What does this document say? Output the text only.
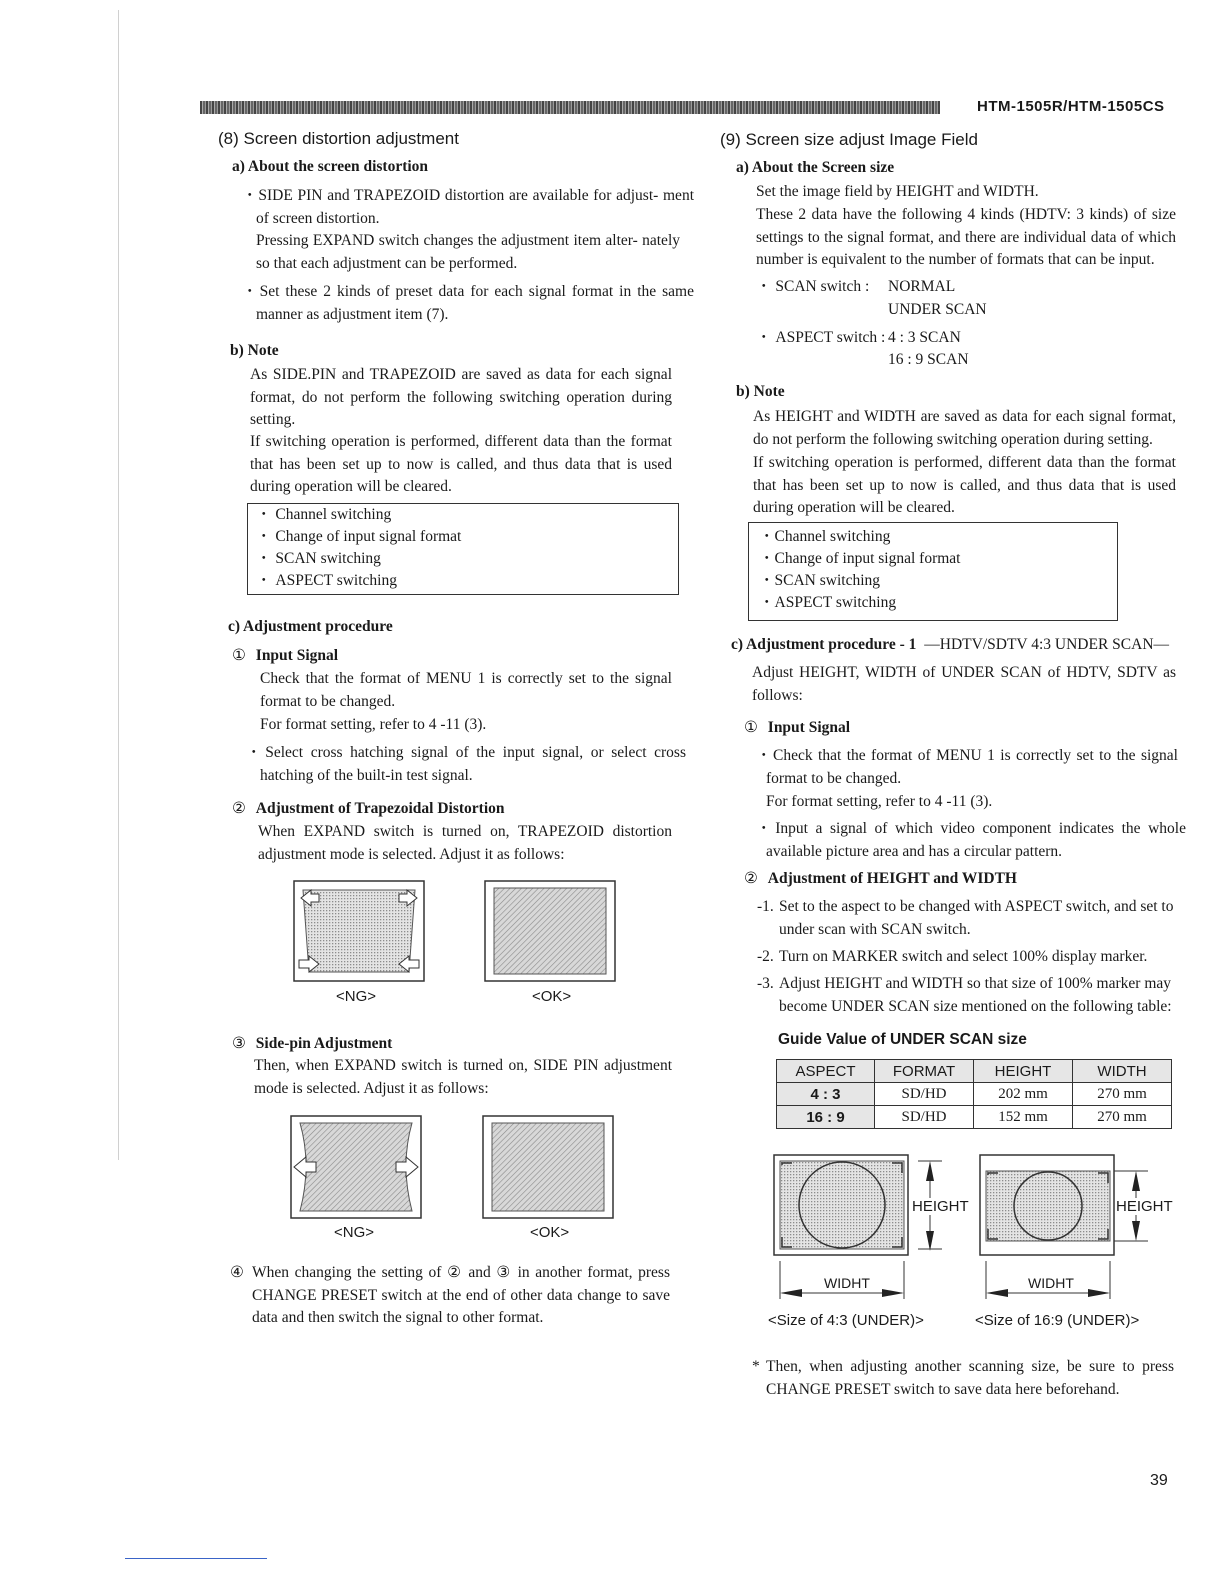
HTM-1505R/HTM-1505CS
(8) Screen distortion adjustment
a) About the screen distortion
・SIDE PIN and TRAPEZOID distortion are available for adjust- ment of screen distortion.
Pressing EXPAND switch changes the adjustment item alter- nately so that each adjustment can be performed.
・Set these 2 kinds of preset data for each signal format in the same manner as adjustment item (7).
b) Note
As SIDE.PIN and TRAPEZOID are saved as data for each signal format, do not perform the following switching operation during setting.
If switching operation is performed, different data than the format that has been set up to now is called, and thus data that is used during operation will be cleared.
・ Channel switching
・ Change of input signal format
・ SCAN switching
・ ASPECT switching
c) Adjustment procedure
① Input Signal
Check that the format of MENU 1 is correctly set to the signal format to be changed.
For format setting, refer to 4 -11 (3).
・Select cross hatching signal of the input signal, or select cross hatching of the built-in test signal.
② Adjustment of Trapezoidal Distortion
When EXPAND switch is turned on, TRAPEZOID distortion adjustment mode is selected. Adjust it as follows:
<NG>	<OK>
③ Side-pin Adjustment
Then, when EXPAND switch is turned on, SIDE PIN adjustment mode is selected. Adjust it as follows:
<NG>	<OK>
④ When changing the setting of ② and ③ in another format, press CHANGE PRESET switch at the end of other data change to save data and then switch the signal to other format.
(9) Screen size adjust Image Field
a) About the Screen size
Set the image field by HEIGHT and WIDTH.
These 2 data have the following 4 kinds (HDTV: 3 kinds) of size settings to the signal format, and there are individual data of which number is equivalent to the number of formats that can be input.
・ SCAN switch : NORMAL
UNDER SCAN
・ ASPECT switch : 4 : 3 SCAN
16 : 9 SCAN
b) Note
As HEIGHT and WIDTH are saved as data for each signal format, do not perform the following switching operation during setting.
If switching operation is performed, different data than the format that has been set up to now is called, and thus data that is used during operation will be cleared.
・Channel switching
・Change of input signal format
・SCAN switching
・ASPECT switching
c) Adjustment procedure - 1 ―HDTV/SDTV 4:3 UNDER SCAN―
Adjust HEIGHT, WIDTH of UNDER SCAN of HDTV, SDTV as follows:
① Input Signal
・Check that the format of MENU 1 is correctly set to the signal format to be changed.
For format setting, refer to 4 -11 (3).
・Input a signal of which video component indicates the whole available picture area and has a circular pattern.
② Adjustment of HEIGHT and WIDTH
-1. Set to the aspect to be changed with ASPECT switch, and set to under scan with SCAN switch.
-2. Turn on MARKER switch and select 100% display marker.
-3. Adjust HEIGHT and WIDTH so that size of 100% marker may become UNDER SCAN size mentioned on the following table:
Guide Value of UNDER SCAN size
ASPECT	FORMAT	HEIGHT	WIDTH
4 : 3	SD/HD	202 mm	270 mm
16 : 9	SD/HD	152 mm	270 mm
HEIGHT
WIDHT
<Size of 4:3 (UNDER)>
HEIGHT
WIDHT
<Size of 16:9 (UNDER)>
* Then, when adjusting another scanning size, be sure to press CHANGE PRESET switch to save data here beforehand.
39
